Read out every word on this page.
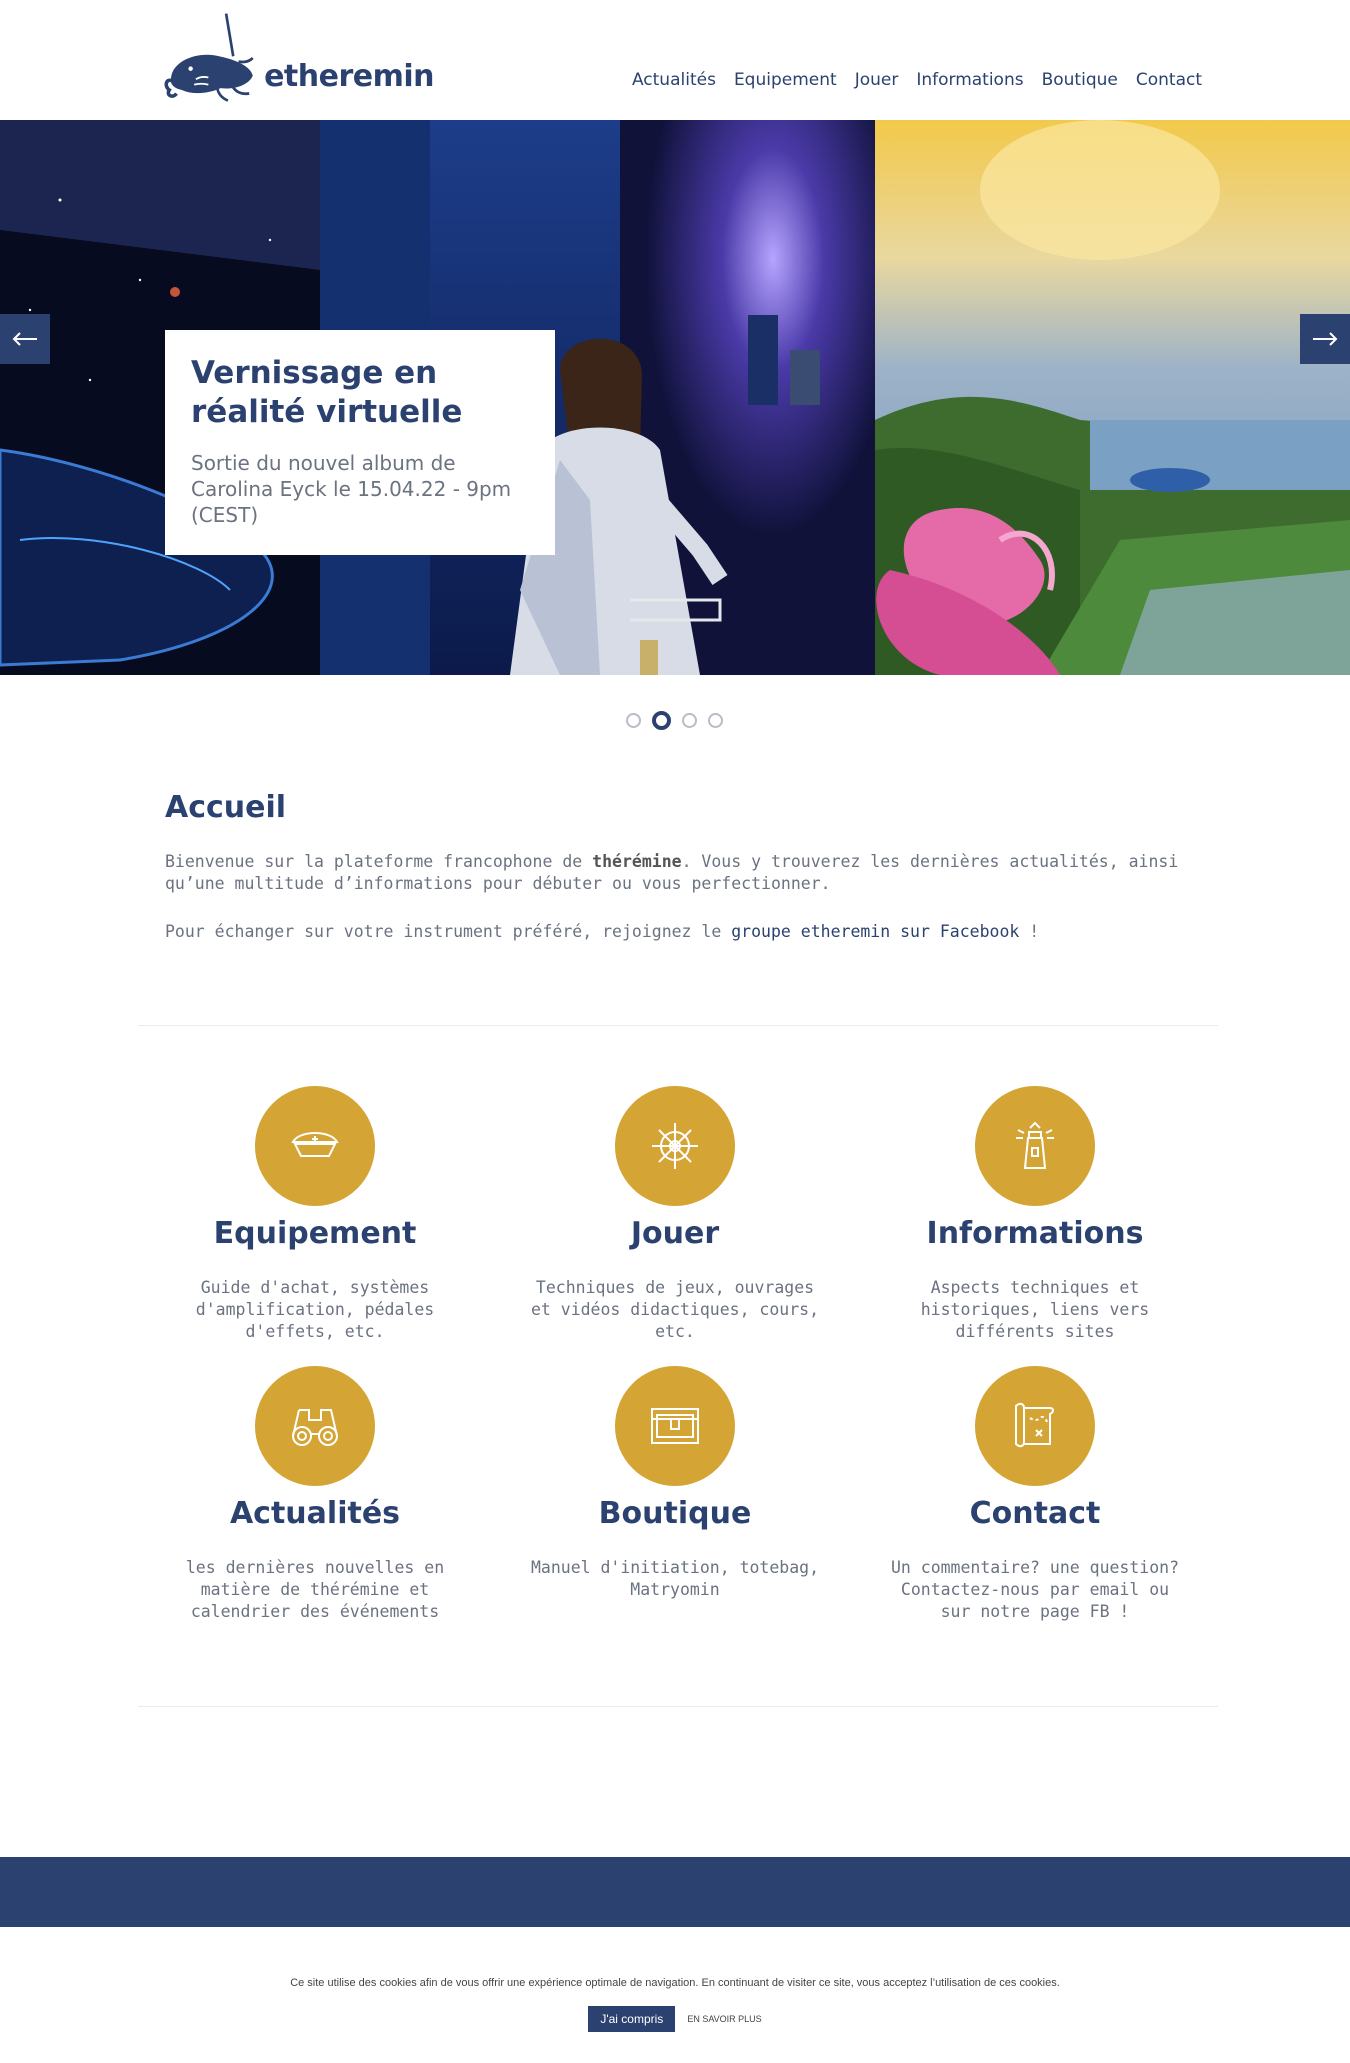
etheremin	Actualités Equipement Jouer Informations Boutique Contact
Vernissage en réalité virtuelle

Sortie du nouvel album de Carolina Eyck le 15.04.22 - 9pm (CEST)

Accueil

Bienvenue sur la plateforme francophone de thérémine. Vous y trouverez les dernières actualités, ainsi qu’une multitude d’informations pour débuter ou vous perfectionner.

Pour échanger sur votre instrument préféré, rejoignez le groupe etheremin sur Facebook !

Equipement

Guide d'achat, systèmes d'amplification, pédales d'effets, etc.

Jouer

Techniques de jeux, ouvrages et vidéos didactiques, cours, etc.

Informations

Aspects techniques et historiques, liens vers différents sites

Actualités

les dernières nouvelles en matière de thérémine et calendrier des événements

Boutique

Manuel d'initiation, totebag, Matryomin

Contact

Un commentaire? une question? Contactez-nous par email ou sur notre page FB !

Ce site utilise des cookies afin de vous offrir une expérience optimale de navigation. En continuant de visiter ce site, vous acceptez l’utilisation de ces cookies.

J'ai compris	EN SAVOIR PLUS
